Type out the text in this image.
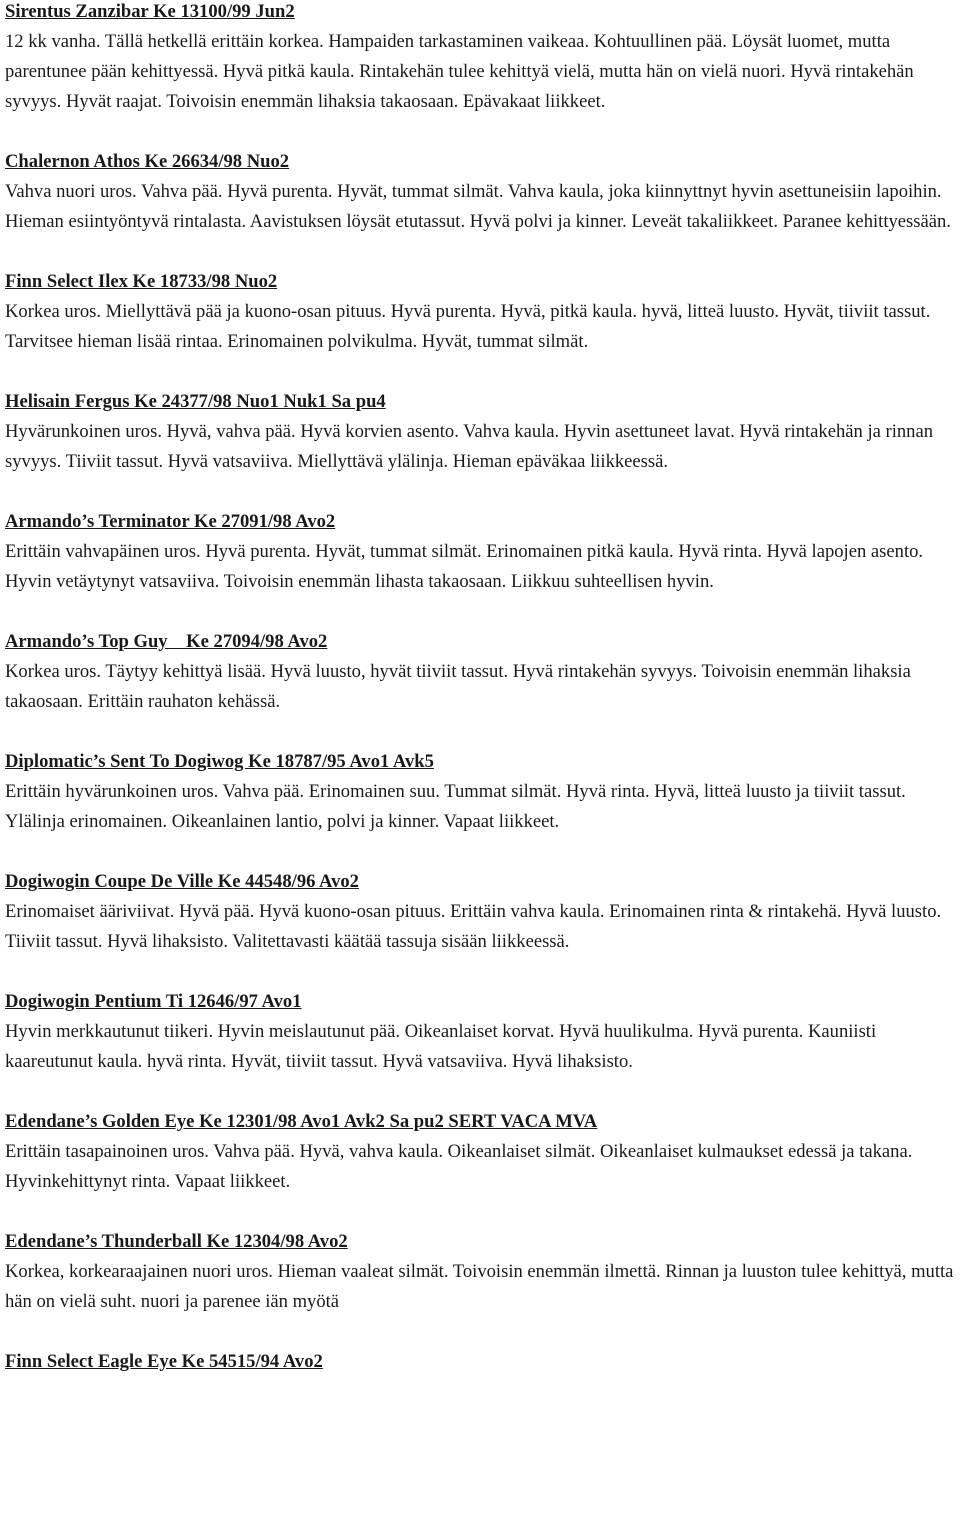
Sirentus Zanzibar Ke 13100/99 Jun2
12 kk vanha. Tällä hetkellä erittäin korkea. Hampaiden tarkastaminen vaikeaa. Kohtuullinen pää. Löysät luomet, mutta parentunee pään kehittyessä. Hyvä pitkä kaula. Rintakehän tulee kehittyä vielä, mutta hän on vielä nuori. Hyvä rintakehän syvyys. Hyvät raajat. Toivoisin enemmän lihaksia takaosaan. Epävakaat liikkeet.
Chalernon Athos Ke 26634/98 Nuo2
Vahva nuori uros. Vahva pää. Hyvä purenta. Hyvät, tummat silmät. Vahva kaula, joka kiinnyttnyt hyvin asettuneisiin lapoihin. Hieman esiintyöntyvä rintalasta. Aavistuksen löysät etutassut. Hyvä polvi ja kinner. Leveät takaliikkeet. Paranee kehittyessään.
Finn Select Ilex Ke 18733/98 Nuo2
Korkea uros. Miellyttävä pää ja kuono-osan pituus. Hyvä purenta. Hyvä, pitkä kaula. hyvä, litteä luusto. Hyvät, tiiviit tassut. Tarvitsee hieman lisää rintaa. Erinomainen polvikulma. Hyvät, tummat silmät.
Helisain Fergus Ke 24377/98 Nuo1 Nuk1 Sa pu4
Hyvärunkoinen uros. Hyvä, vahva pää. Hyvä korvien asento. Vahva kaula. Hyvin asettuneet lavat. Hyvä rintakehän ja rinnan syvyys. Tiiviit tassut. Hyvä vatsaviiva. Miellyttävä ylälinja. Hieman epäväkaa liikkeessä.
Armando’s Terminator Ke 27091/98 Avo2
Erittäin vahvapäinen uros. Hyvä purenta. Hyvät, tummat silmät. Erinomainen pitkä kaula. Hyvä rinta. Hyvä lapojen asento. Hyvin vetäytynyt vatsaviiva. Toivoisin enemmän lihasta takaosaan. Liikkuu suhteellisen hyvin.
Armando’s Top Guy    Ke 27094/98 Avo2
Korkea uros. Täytyy kehittyä lisää. Hyvä luusto, hyvät tiiviit tassut. Hyvä rintakehän syvyys. Toivoisin enemmän lihaksia takaosaan. Erittäin rauhaton kehässä.
Diplomatic’s Sent To Dogiwog Ke 18787/95 Avo1 Avk5
Erittäin hyvärunkoinen uros. Vahva pää. Erinomainen suu. Tummat silmät. Hyvä rinta. Hyvä, litteä luusto ja tiiviit tassut. Ylälinja erinomainen. Oikeanlainen lantio, polvi ja kinner. Vapaat liikkeet.
Dogiwogin Coupe De Ville Ke 44548/96 Avo2
Erinomaiset ääriviivat. Hyvä pää. Hyvä kuono-osan pituus. Erittäin vahva kaula. Erinomainen rinta & rintakehä. Hyvä luusto. Tiiviit tassut. Hyvä lihaksisto. Valitettavasti käätää tassuja sisään liikkeessä.
Dogiwogin Pentium Ti 12646/97 Avo1
Hyvin merkkautunut tiikeri. Hyvin meislautunut pää. Oikeanlaiset korvat. Hyvä huulikulma. Hyvä purenta. Kauniisti kaareutunut kaula. hyvä rinta. Hyvät, tiiviit tassut. Hyvä vatsaviiva. Hyvä lihaksisto.
Edendane’s Golden Eye Ke 12301/98 Avo1 Avk2 Sa pu2 SERT VACA MVA
Erittäin tasapainoinen uros. Vahva pää. Hyvä, vahva kaula. Oikeanlaiset silmät. Oikeanlaiset kulmaukset edessä ja takana. Hyvinkehittynyt rinta. Vapaat liikkeet.
Edendane’s Thunderball Ke 12304/98 Avo2
Korkea, korkearaajainen nuori uros. Hieman vaaleat silmät. Toivoisin enemmän ilmettä. Rinnan ja luuston tulee kehittyä, mutta hän on vielä suht. nuori ja parenee iän myötä
Finn Select Eagle Eye Ke 54515/94 Avo2
